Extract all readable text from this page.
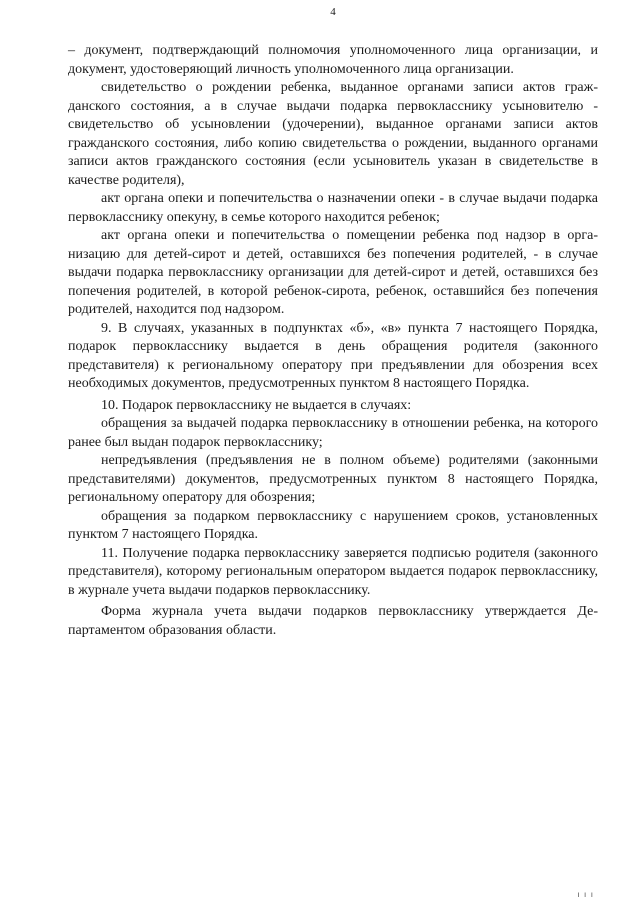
4

– документ, подтверждающий полномочия уполномоченного лица организации, и документ, удостоверяющий личность уполномоченного лица организации.

свидетельство о рождении ребенка, выданное органами записи актов гражданского состояния, а в случае выдачи подарка первокласснику усыновителю - свидетельство об усыновлении (удочерении), выданное органами записи актов гражданского состояния, либо копию свидетельства о рождении, выданного органами записи актов гражданского состояния (если усыновитель указан в свидетельстве в качестве родителя),

акт органа опеки и попечительства о назначении опеки - в случае выдачи подарка первокласснику опекуну, в семье которого находится ребенок;

акт органа опеки и попечительства о помещении ребенка под надзор в организацию для детей-сирот и детей, оставшихся без попечения родителей, - в случае выдачи подарка первокласснику организации для детей-сирот и детей, оставшихся без попечения родителей, в которой ребенок-сирота, ребенок, оставшийся без попечения родителей, находится под надзором.

9. В случаях, указанных в подпунктах «б», «в» пункта 7 настоящего Порядка, подарок первокласснику выдается в день обращения родителя (законного представителя) к региональному оператору при предъявлении для обозрения всех необходимых документов, предусмотренных пунктом 8 настоящего Порядка.

10. Подарок первокласснику не выдается в случаях:

обращения за выдачей подарка первокласснику в отношении ребенка, на которого ранее был выдан подарок первокласснику;

непредъявления (предъявления не в полном объеме) родителями (законными представителями) документов, предусмотренных пунктом 8 настоящего Порядка, региональному оператору для обозрения;

обращения за подарком первокласснику с нарушением сроков, установленных пунктом 7 настоящего Порядка.

11. Получение подарка первокласснику заверяется подписью родителя (законного представителя), которому региональным оператором выдается подарок первокласснику, в журнале учета выдачи подарков первокласснику.

Форма журнала учета выдачи подарков первокласснику утверждается Департаментом образования области.

ı ı ı
